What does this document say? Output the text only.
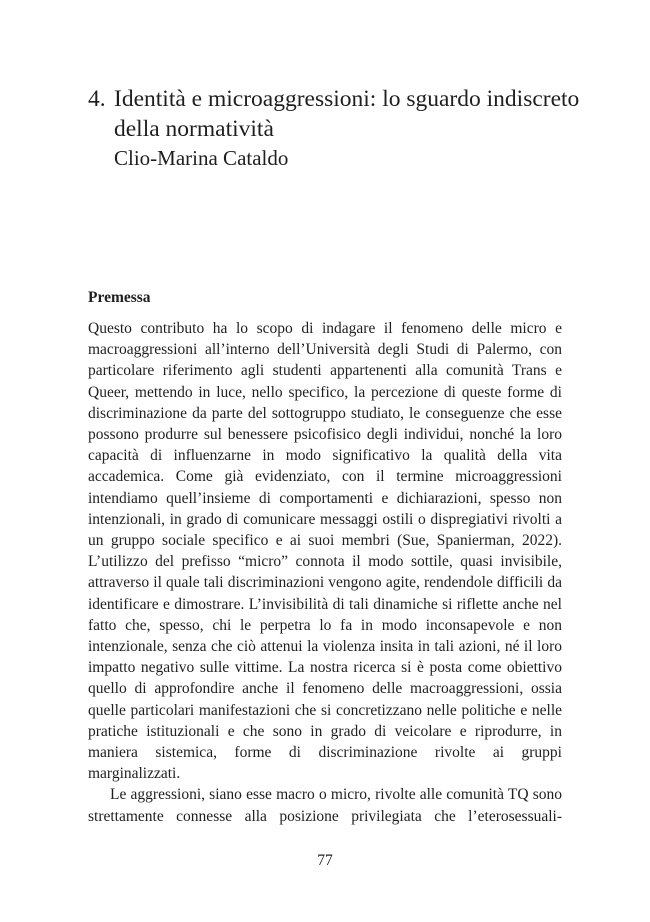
4. Identità e microaggressioni: lo sguardo indiscreto della normatività
Clio-Marina Cataldo
Premessa

Questo contributo ha lo scopo di indagare il fenomeno delle micro e macroaggressioni all’interno dell’Università degli Studi di Palermo, con particolare riferimento agli studenti appartenenti alla comunità Trans e Queer, mettendo in luce, nello specifico, la percezione di queste forme di discriminazione da parte del sottogruppo studiato, le conseguenze che esse possono produrre sul benessere psicofisico degli individui, nonché la loro capacità di influenzarne in modo significativo la qualità della vita accademica. Come già evidenziato, con il termine microaggressioni intendiamo quell’insieme di comportamenti e dichiarazioni, spesso non intenzionali, in grado di comunicare messaggi ostili o dispregiativi rivolti a un gruppo sociale specifico e ai suoi membri (Sue, Spanierman, 2022). L’utilizzo del prefisso “micro” connota il modo sottile, quasi invisibile, attraverso il quale tali discriminazioni vengono agite, rendendole difficili da identificare e dimostrare. L’invisibilità di tali dinamiche si riflette anche nel fatto che, spesso, chi le perpetra lo fa in modo inconsapevole e non intenzionale, senza che ciò attenui la violenza insita in tali azioni, né il loro impatto negativo sulle vittime. La nostra ricerca si è posta come obiettivo quello di approfondire anche il fenomeno delle macroaggressioni, ossia quelle particolari manifestazioni che si concretizzano nelle politiche e nelle pratiche istituzionali e che sono in grado di veicolare e riprodurre, in maniera sistemica, forme di discriminazione rivolte ai gruppi marginalizzati.

Le aggressioni, siano esse macro o micro, rivolte alle comunità TQ sono strettamente connesse alla posizione privilegiata che l’eterosessuali-

77
